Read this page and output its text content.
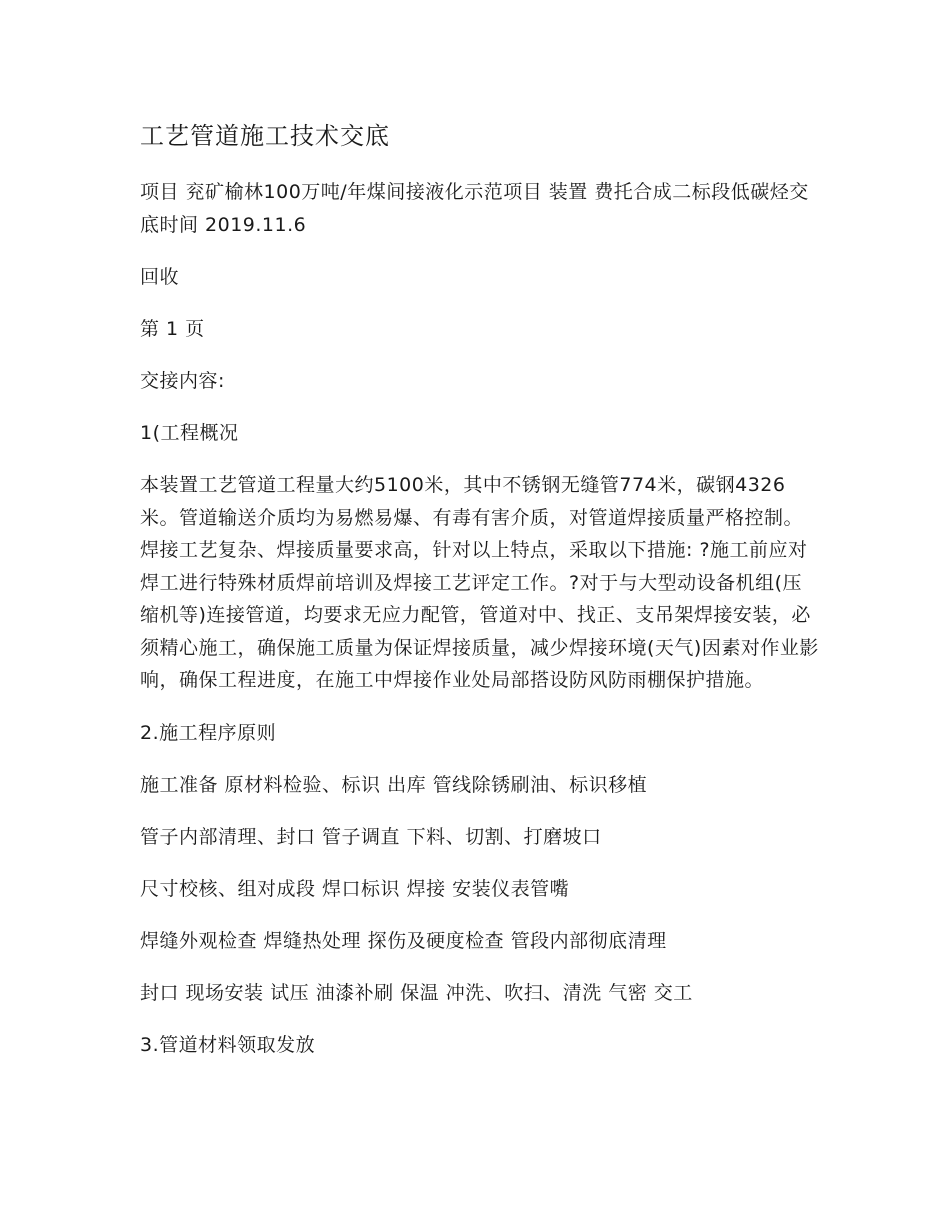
工艺管道施工技术交底

项目 兖矿榆林100万吨/年煤间接液化示范项目 装置 费托合成二标段低碳烃交底时间 2019.11.6

回收

第 1 页

交接内容:

1(工程概况

本装置工艺管道工程量大约5100米，其中不锈钢无缝管774米，碳钢4326米。管道输送介质均为易燃易爆、有毒有害介质，对管道焊接质量严格控制。 焊接工艺复杂、焊接质量要求高，针对以上特点，采取以下措施: ?施工前应对焊工进行特殊材质焊前培训及焊接工艺评定工作。?对于与大型动设备机组(压缩机等)连接管道，均要求无应力配管，管道对中、找正、支吊架焊接安装，必须精心施工，确保施工质量为保证焊接质量，减少焊接环境(天气)因素对作业影响，确保工程进度，在施工中焊接作业处局部搭设防风防雨棚保护措施。

2.施工程序原则

施工准备 原材料检验、标识 出库 管线除锈刷油、标识移植

管子内部清理、封口 管子调直 下料、切割、打磨坡口

尺寸校核、组对成段 焊口标识 焊接 安装仪表管嘴

焊缝外观检查 焊缝热处理 探伤及硬度检查 管段内部彻底清理

封口 现场安装 试压 油漆补刷 保温 冲洗、吹扫、清洗 气密 交工

3.管道材料领取发放
